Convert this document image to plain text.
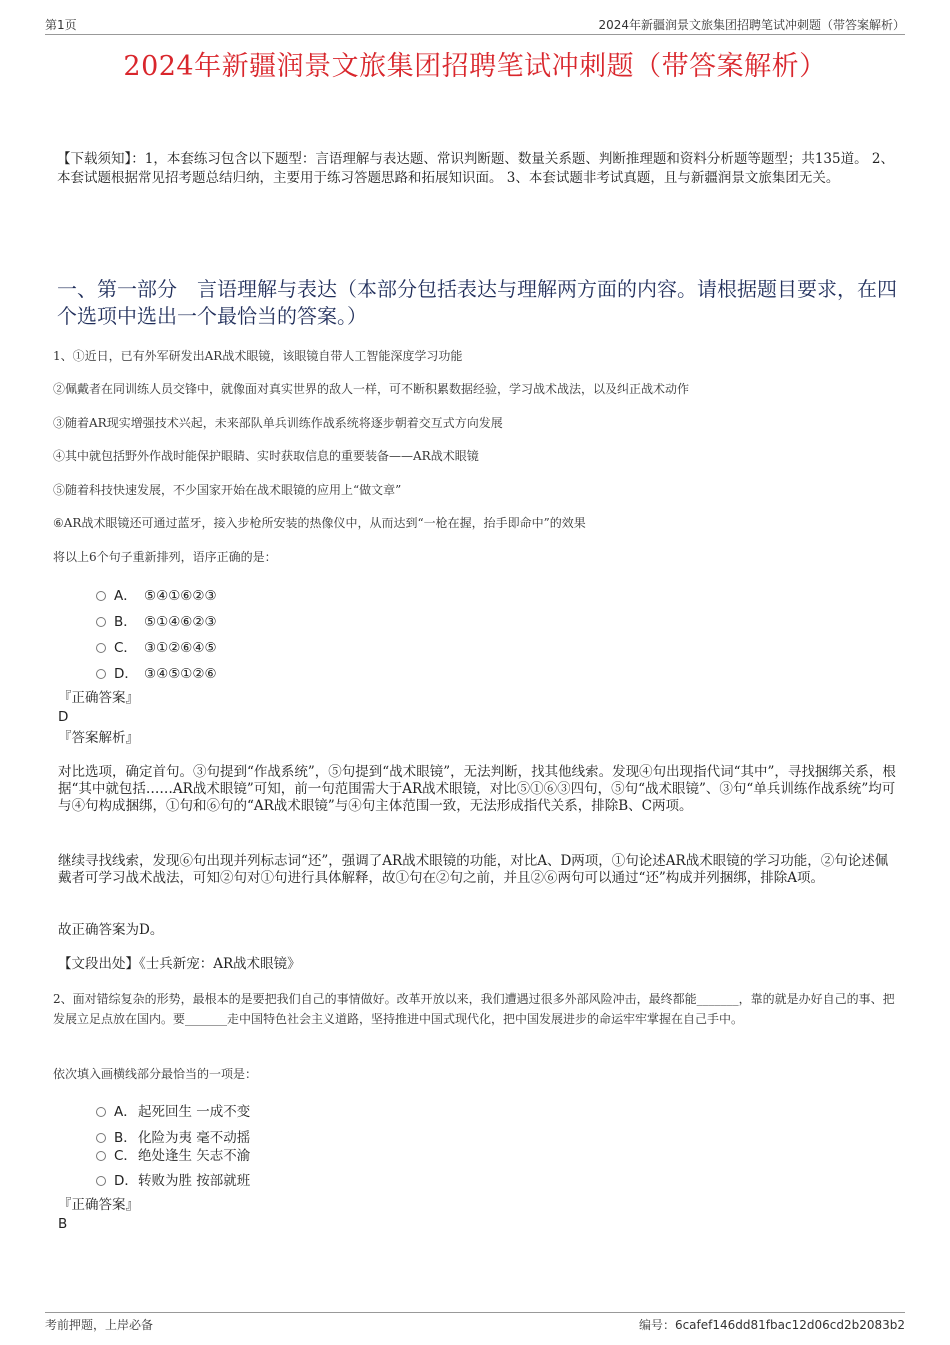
第1页	2024年新疆润景文旅集团招聘笔试冲刺题（带答案解析）
2024年新疆润景文旅集团招聘笔试冲刺题（带答案解析）
【下载须知】：1，本套练习包含以下题型：言语理解与表达题、常识判断题、数量关系题、判断推理题和资料分析题等题型；共135道。 2、本套试题根据常见招考题总结归纳，主要用于练习答题思路和拓展知识面。 3、本套试题非考试真题，且与新疆润景文旅集团无关。
一、第一部分　言语理解与表达（本部分包括表达与理解两方面的内容。请根据题目要求，在四个选项中选出一个最恰当的答案。）
1、①近日，已有外军研发出AR战术眼镜，该眼镜自带人工智能深度学习功能
②佩戴者在同训练人员交锋中，就像面对真实世界的敌人一样，可不断积累数据经验，学习战术战法，以及纠正战术动作
③随着AR现实增强技术兴起，未来部队单兵训练作战系统将逐步朝着交互式方向发展
④其中就包括野外作战时能保护眼睛、实时获取信息的重要装备——AR战术眼镜
⑤随着科技快速发展，不少国家开始在战术眼镜的应用上“做文章”
⑥AR战术眼镜还可通过蓝牙，接入步枪所安装的热像仪中，从而达到“一枪在握，抬手即命中”的效果
将以上6个句子重新排列，语序正确的是：
A． ⑤④①⑥②③
B． ⑤①④⑥②③
C． ③①②⑥④⑤
D． ③④⑤①②⑥
『正确答案』
D
『答案解析』
对比选项，确定首句。③句提到“作战系统”，⑤句提到“战术眼镜”，无法判断，找其他线索。发现④句出现指代词“其中”，寻找捆绑关系，根据“其中就包括……AR战术眼镜”可知，前一句范围需大于AR战术眼镜，对比⑤①⑥③四句，⑤句“战术眼镜”、③句“单兵训练作战系统”均可与④句构成捆绑，①句和⑥句的“AR战术眼镜”与④句主体范围一致，无法形成指代关系，排除B、C两项。
继续寻找线索，发现⑥句出现并列标志词“还”，强调了AR战术眼镜的功能，对比A、D两项，①句论述AR战术眼镜的学习功能，②句论述佩戴者可学习战术战法，可知②句对①句进行具体解释，故①句在②句之前，并且②⑥两句可以通过“还”构成并列捆绑，排除A项。
故正确答案为D。
【文段出处】《士兵新宠：AR战术眼镜》
2、面对错综复杂的形势，最根本的是要把我们自己的事情做好。改革开放以来，我们遭遇过很多外部风险冲击，最终都能_______，靠的就是办好自己的事、把发展立足点放在国内。要_______走中国特色社会主义道路，坚持推进中国式现代化，把中国发展进步的命运牢牢掌握在自己手中。
依次填入画横线部分最恰当的一项是：
A．起死回生 一成不变
B．化险为夷 毫不动摇
C．绝处逢生 矢志不渝
D．转败为胜 按部就班
『正确答案』
B
考前押题，上岸必备	编号：6cafef146dd81fbac12d06cd2b2083b2
